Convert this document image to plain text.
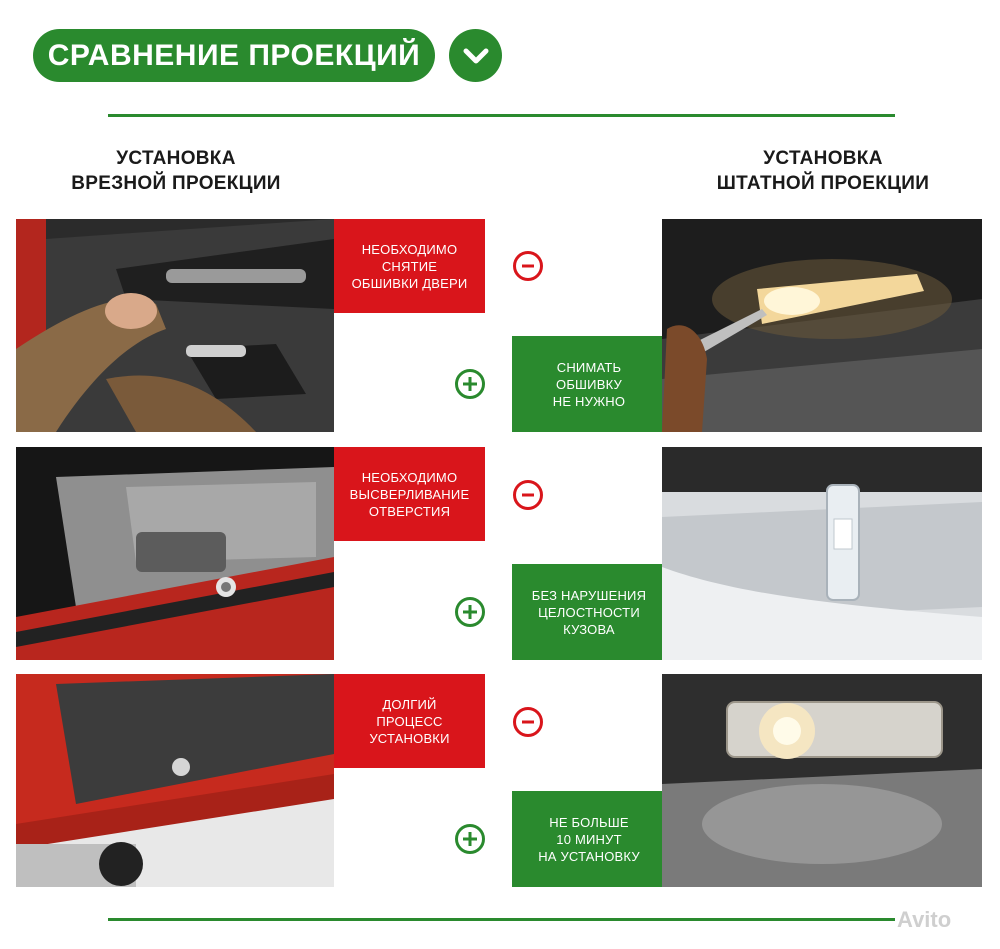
СРАВНЕНИЕ ПРОЕКЦИЙ
УСТАНОВКА
ВРЕЗНОЙ ПРОЕКЦИИ
УСТАНОВКА
ШТАТНОЙ ПРОЕКЦИИ
НЕОБХОДИМО
СНЯТИЕ
ОБШИВКИ ДВЕРИ
СНИМАТЬ
ОБШИВКУ
НЕ НУЖНО
НЕОБХОДИМО
ВЫСВЕРЛИВАНИЕ
ОТВЕРСТИЯ
БЕЗ НАРУШЕНИЯ
ЦЕЛОСТНОСТИ
КУЗОВА
ДОЛГИЙ
ПРОЦЕСС
УСТАНОВКИ
НЕ БОЛЬШЕ
10 МИНУТ
НА УСТАНОВКУ
Avito
